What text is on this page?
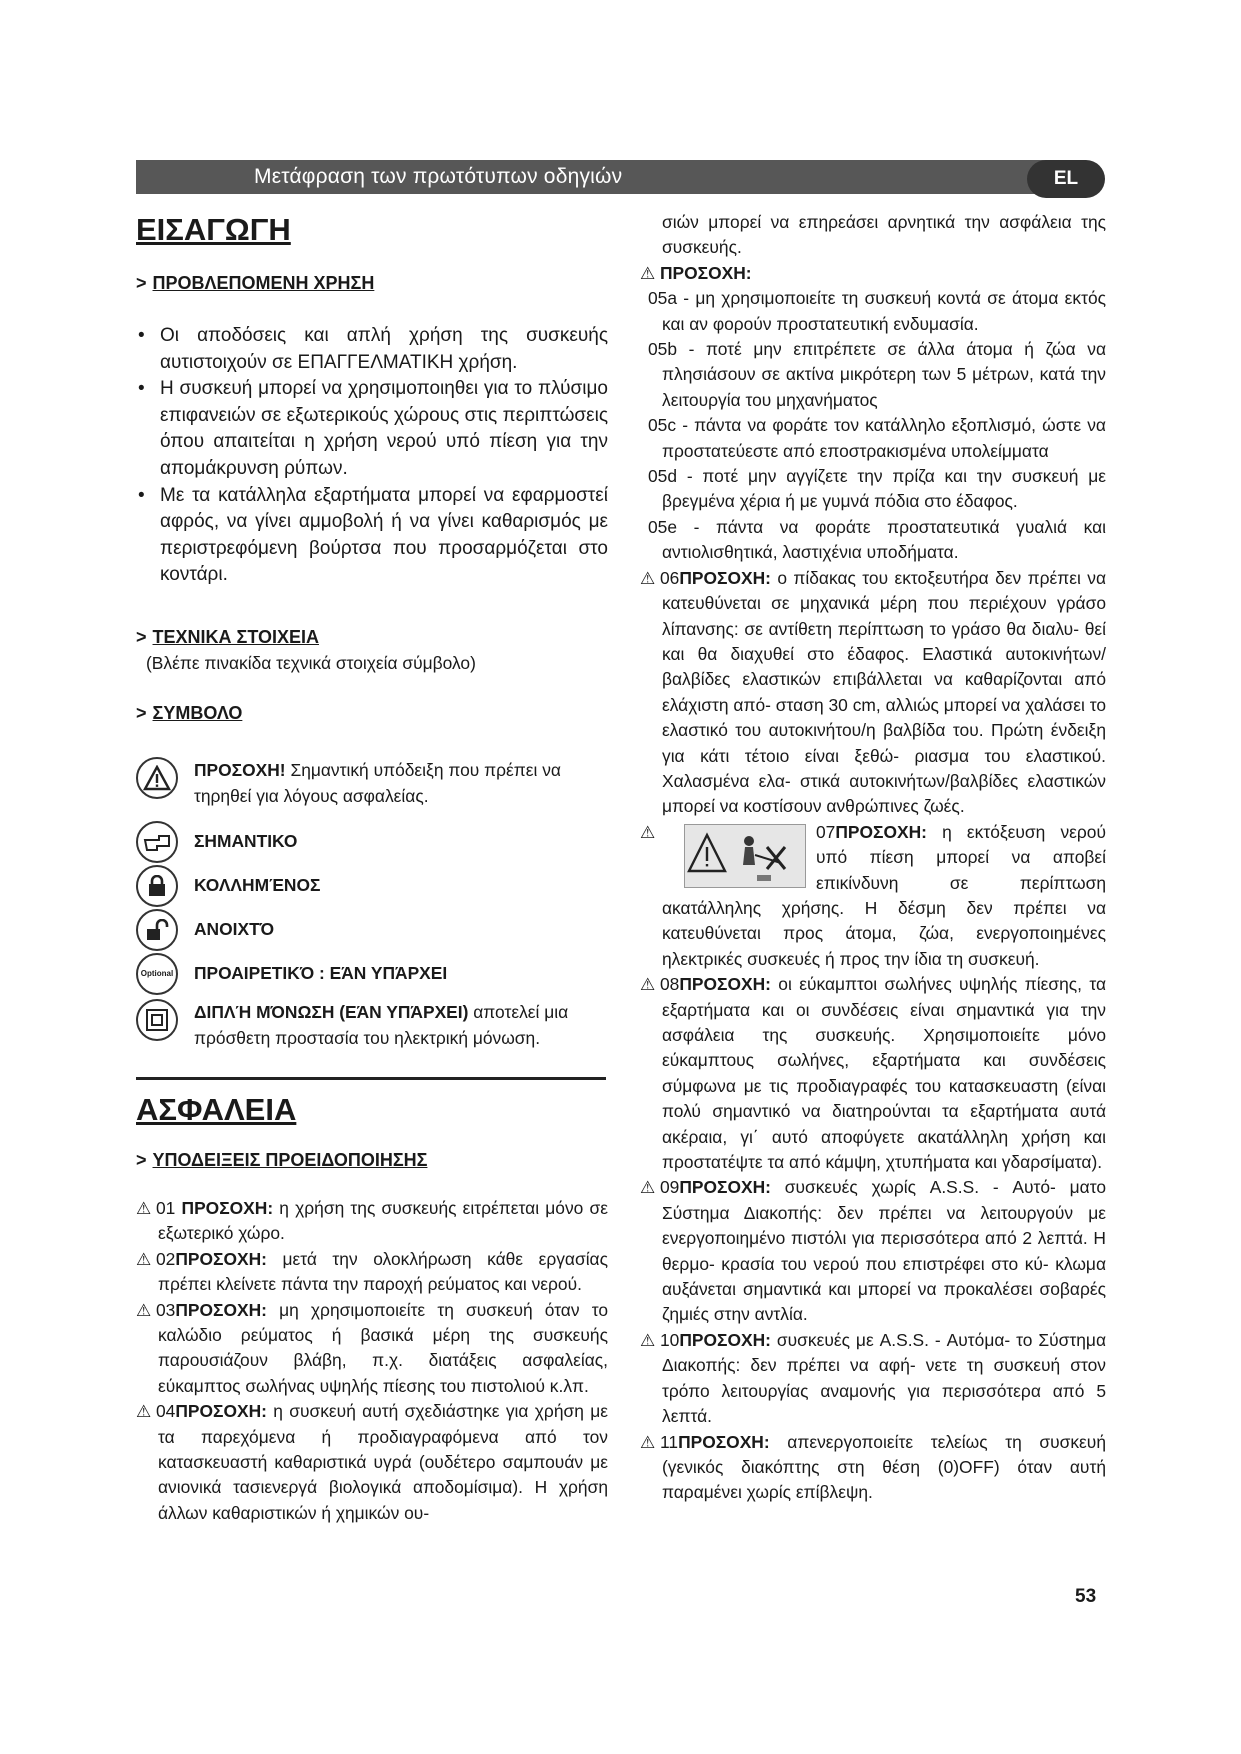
Μετάφραση των πρωτότυπων οδηγιών	EL
ΕΙΣΑΓΩΓΗ
> ΠΡΟΒΛΕΠΟΜΕΝΗ ΧΡΗΣΗ
• Οι αποδόσεις και απλή χρήση της συσκευής αυτιστοιχούν σε ΕΠΑΓΓΕΛΜΑΤΙΚΗ χρήση.
• Η συσκευή μπορεί να χρησιμοποιηθει για το πλύσιμο επιφανειών σε εξωτερικούς χώρους στις περιπτώσεις όπου απαιτείται η χρήση νερού υπό πίεση για την απομάκρυνση ρύπων.
• Με τα κατάλληλα εξαρτήματα μπορεί να εφαρμοστεί αφρός, να γίνει αμμοβολή ή να γίνει καθαρισμός με περιστρεφόμενη βούρτσα που προσαρμόζεται στο κοντάρι.
> ΤΕΧΝΙΚΑ ΣΤΟΙΧΕΙΑ
(Βλέπε πινακίδα τεχνικά στοιχεία σύμβολο)
> ΣΥΜΒΟΛΟ
ΠΡΟΣΟΧΗ! Σημαντική υπόδειξη που πρέπει να τηρηθεί για λόγους ασφαλείας.
ΣΗΜΑΝΤΙΚΟ
ΚΟΛΛΗΜΈΝΟΣ
ΑΝΟΙΧΤΌ
Optional ΠΡΟΑΙΡΕΤΙΚΌ : ΕΆΝ ΥΠΆΡΧΕΙ
ΔΙΠΛΉ ΜΌΝΩΣΗ (ΕΆΝ ΥΠΆΡΧΕΙ) αποτελεί μια πρόσθετη προστασία του ηλεκτρική μόνωση.
ΑΣΦΑΛΕΙΑ
> ΥΠΟΔΕΙΞΕΙΣ ΠΡΟΕΙΔΟΠΟΙΗΣΗΣ
⚠ 01 ΠΡΟΣΟΧΗ: η χρήση της συσκευής ειτρέπεται μόνο σε εξωτερικό χώρο.
⚠ 02ΠΡΟΣΟΧΗ: μετά την ολοκλήρωση κάθε εργασίας πρέπει κλείνετε πάντα την παροχή ρεύματος και νερού.
⚠ 03ΠΡΟΣΟΧΗ: μη χρησιμοποιείτε τη συσκευή όταν το καλώδιο ρεύματος ή βασικά μέρη της συσκευής παρουσιάζουν βλάβη, π.χ. διατάξεις ασφαλείας, εύκαμπτος σωλήνας υψηλής πίεσης του πιστολιού κ.λπ.
⚠ 04ΠΡΟΣΟΧΗ: η συσκευή αυτή σχεδιάστηκε για χρήση με τα παρεχόμενα ή προδιαγραφόμενα από τον κατασκευαστή καθαριστικά υγρά (ουδέτερο σαμπουάν με ανιονικά τασιενεργά βιολογικά αποδομίσιμα). Η χρήση άλλων καθαριστικών ή χημικών ου-
σιών μπορεί να επηρεάσει αρνητικά την ασφάλεια της συσκευής.
⚠ ΠΡΟΣΟΧΗ:
05a - μη χρησιμοποιείτε τη συσκευή κοντά σε άτομα εκτός και αν φορούν προστατευτική ενδυμασία.
05b - ποτέ μην επιτρέπετε σε άλλα άτομα ή ζώα να πλησιάσουν σε ακτίνα μικρότερη των 5 μέτρων, κατά την λειτουργία του μηχανήματος
05c - πάντα να φοράτε τον κατάλληλο εξοπλισμό, ώστε να προστατεύεστε από εποστρακισμένα υπολείμματα
05d - ποτέ μην αγγίζετε την πρίζα και την συσκευή με βρεγμένα χέρια ή με γυμνά πόδια στο έδαφος.
05e - πάντα να φοράτε προστατευτικά γυαλιά και αντιολισθητικά, λαστιχένια υποδήματα.
⚠ 06ΠΡΟΣΟΧΗ: ο πίδακας του εκτοξευτήρα δεν πρέπει να κατευθύνεται σε μηχανικά μέρη που περιέχουν γράσο λίπανσης: σε αντίθετη περίπτωση το γράσο θα διαλυ- θεί και θα διαχυθεί στο έδαφος. Ελαστικά αυτοκινήτων/βαλβίδες ελαστικών επιβάλλεται να καθαρίζονται από ελάχιστη από- σταση 30 cm, αλλιώς μπορεί να χαλάσει το ελαστικό του αυτοκινήτου/η βαλβίδα του. Πρώτη ένδειξη για κάτι τέτοιο είναι ξεθώ- ριασμα του ελαστικού. Χαλασμένα ελα- στικά αυτοκινήτων/βαλβίδες ελαστικών μπορεί να κοστίσουν ανθρώπινες ζωές.
⚠	07ΠΡΟΣΟΧΗ: η εκτόξευση νερού υπό πίεση μπορεί να αποβεί επικίνδυνη σε περίπτωση ακατάλληλης χρήσης. Η δέσμη δεν πρέπει να κατευθύνεται προς άτομα, ζώα, ενεργοποιημένες ηλεκτρικές συσκευές ή προς την ίδια τη συσκευή.
⚠ 08ΠΡΟΣΟΧΗ: οι εύκαμπτοι σωλήνες υψηλής πίεσης, τα εξαρτήματα και οι συνδέσεις είναι σημαντικά για την ασφάλεια της συσκευής. Χρησιμοποιείτε μόνο εύκαμπτους σωλήνες, εξαρτήματα και συνδέσεις σύμφωνα με τις προδιαγραφές του κατασκευαστη (είναι πολύ σημαντικό να διατηρούνται τα εξαρτήματα αυτά ακέραια, γι΄ αυτό αποφύγετε ακατάλληλη χρήση και προστατέψτε τα από κάμψη, χτυπήματα και γδαρσίματα).
⚠ 09ΠΡΟΣΟΧΗ: συσκευές χωρίς A.S.S. - Αυτό- ματο Σύστημα Διακοπής: δεν πρέπει να λειτουργούν με ενεργοποιημένο πιστόλι για περισσότερα από 2 λεπτά. Η θερμο- κρασία του νερού που επιστρέφει στο κύ- κλωμα αυξάνεται σημαντικά και μπορεί να προκαλέσει σοβαρές ζημιές στην αντλία.
⚠ 10ΠΡΟΣΟΧΗ: συσκευές με A.S.S. - Αυτόμα- το Σύστημα Διακοπής: δεν πρέπει να αφή- νετε τη συσκευή στον τρόπο λειτουργίας αναμονής για περισσότερα από 5 λεπτά.
⚠ 11ΠΡΟΣΟΧΗ: απενεργοποιείτε τελείως τη συσκευή (γενικός διακόπτης στη θέση (0)OFF) όταν αυτή παραμένει χωρίς επίβλεψη.
53
